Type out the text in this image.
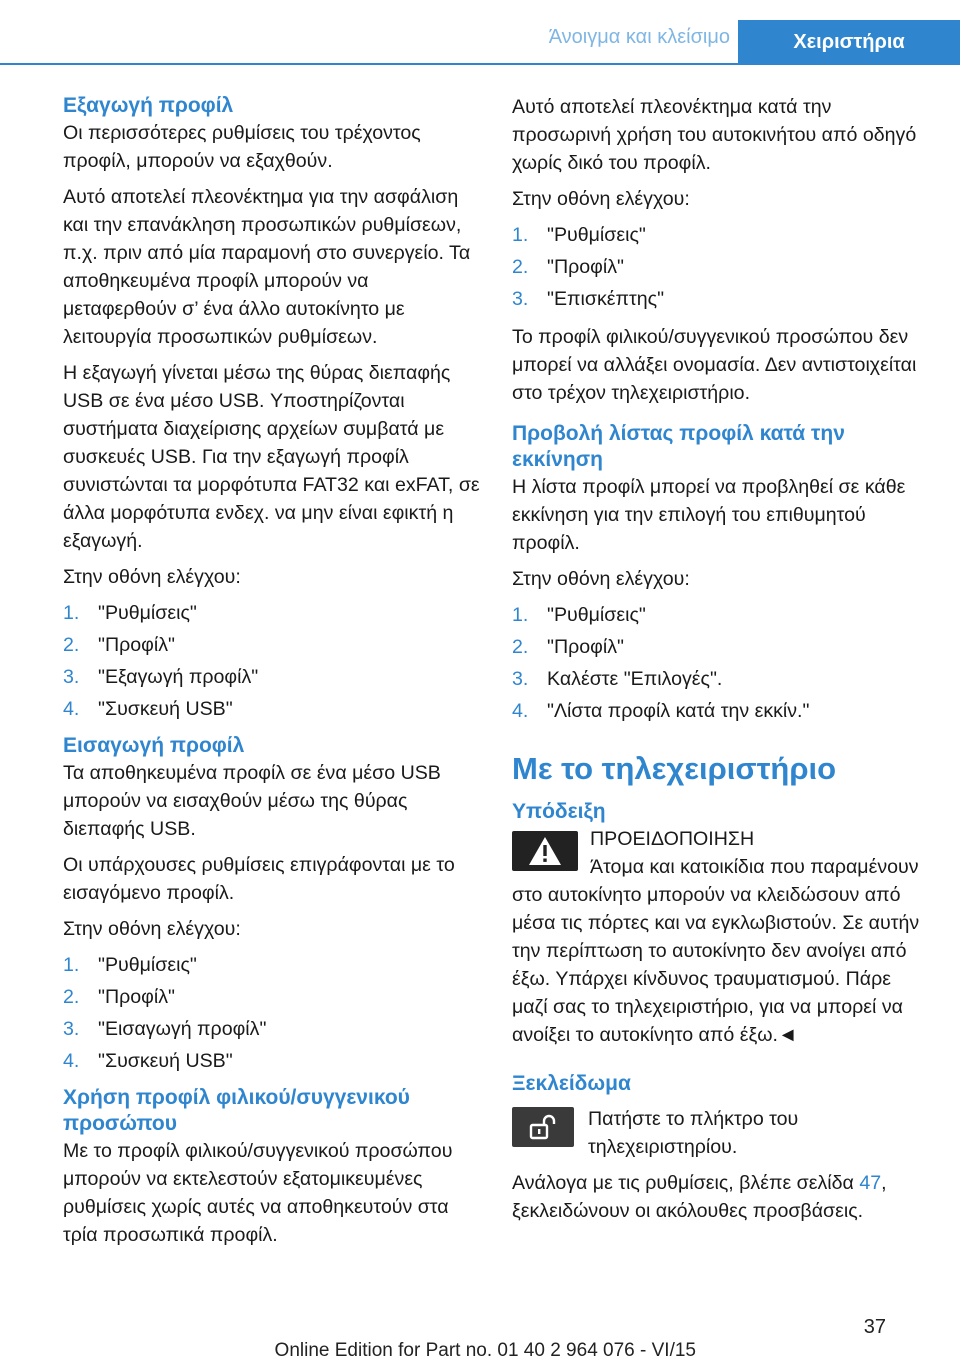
Άνοιγμα και κλείσιμο	Χειριστήρια
Εξαγωγή προφίλ

Οι περισσότερες ρυθμίσεις του τρέχοντος προφίλ, μπορούν να εξαχθούν.

Αυτό αποτελεί πλεονέκτημα για την ασφάλιση και την επανάκληση προσωπικών ρυθμίσεων, π.χ. πριν από μία παραμονή στο συνεργείο. Τα αποθηκευμένα προφίλ μπορούν να μεταφερθούν σ’ ένα άλλο αυτοκίνητο με λειτουργία προσωπικών ρυθμίσεων.

Η εξαγωγή γίνεται μέσω της θύρας διεπαφής USB σε ένα μέσο USB. Υποστηρίζονται συστήματα διαχείρισης αρχείων συμβατά με συσκευές USB. Για την εξαγωγή προφίλ συνιστώνται τα μορφότυπα FAT32 και exFAT, σε άλλα μορφότυπα ενδεχ. να μην είναι εφικτή η εξαγωγή.

Στην οθόνη ελέγχου:

1. "Ρυθμίσεις"
2. "Προφίλ"
3. "Εξαγωγή προφίλ"
4. "Συσκευή USB"
Εισαγωγή προφίλ

Τα αποθηκευμένα προφίλ σε ένα μέσο USB μπορούν να εισαχθούν μέσω της θύρας διεπαφής USB.

Οι υπάρχουσες ρυθμίσεις επιγράφονται με το εισαγόμενο προφίλ.

Στην οθόνη ελέγχου:

1. "Ρυθμίσεις"
2. "Προφίλ"
3. "Εισαγωγή προφίλ"
4. "Συσκευή USB"
Χρήση προφίλ φιλικού/συγγενικού προσώπου

Με το προφίλ φιλικού/συγγενικού προσώπου μπορούν να εκτελεστούν εξατομικευμένες ρυθμίσεις χωρίς αυτές να αποθηκευτούν στα τρία προσωπικά προφίλ.

Αυτό αποτελεί πλεονέκτημα κατά την προσωρινή χρήση του αυτοκινήτου από οδηγό χωρίς δικό του προφίλ.

Στην οθόνη ελέγχου:

1. "Ρυθμίσεις"
2. "Προφίλ"
3. "Επισκέπτης"

Το προφίλ φιλικού/συγγενικού προσώπου δεν μπορεί να αλλάξει ονομασία. Δεν αντιστοιχείται στο τρέχον τηλεχειριστήριο.

Προβολή λίστας προφίλ κατά την εκκίνηση

Η λίστα προφίλ μπορεί να προβληθεί σε κάθε εκκίνηση για την επιλογή του επιθυμητού προφίλ.

Στην οθόνη ελέγχου:

1. "Ρυθμίσεις"
2. "Προφίλ"
3. Καλέστε "Επιλογές".
4. "Λίστα προφίλ κατά την εκκίν."
Με το τηλεχειριστήριο
Υπόδειξη
ΠΡΟΕΙΔΟΠΟΙΗΣΗ
Άτομα και κατοικίδια που παραμένουν στο αυτοκίνητο μπορούν να κλειδώσουν από μέσα τις πόρτες και να εγκλωβιστούν. Σε αυτήν την περίπτωση το αυτοκίνητο δεν ανοίγει από έξω. Υπάρχει κίνδυνος τραυματισμού. Πάρε μαζί σας το τηλεχειριστήριο, για να μπορεί να ανοίξει το αυτοκίνητο από έξω.◄
Ξεκλείδωμα
Πατήστε το πλήκτρο του τηλεχειριστηρίου.

Ανάλογα με τις ρυθμίσεις, βλέπε σελίδα 47, ξεκλειδώνουν οι ακόλουθες προσβάσεις.

37
Online Edition for Part no. 01 40 2 964 076 - VI/15
